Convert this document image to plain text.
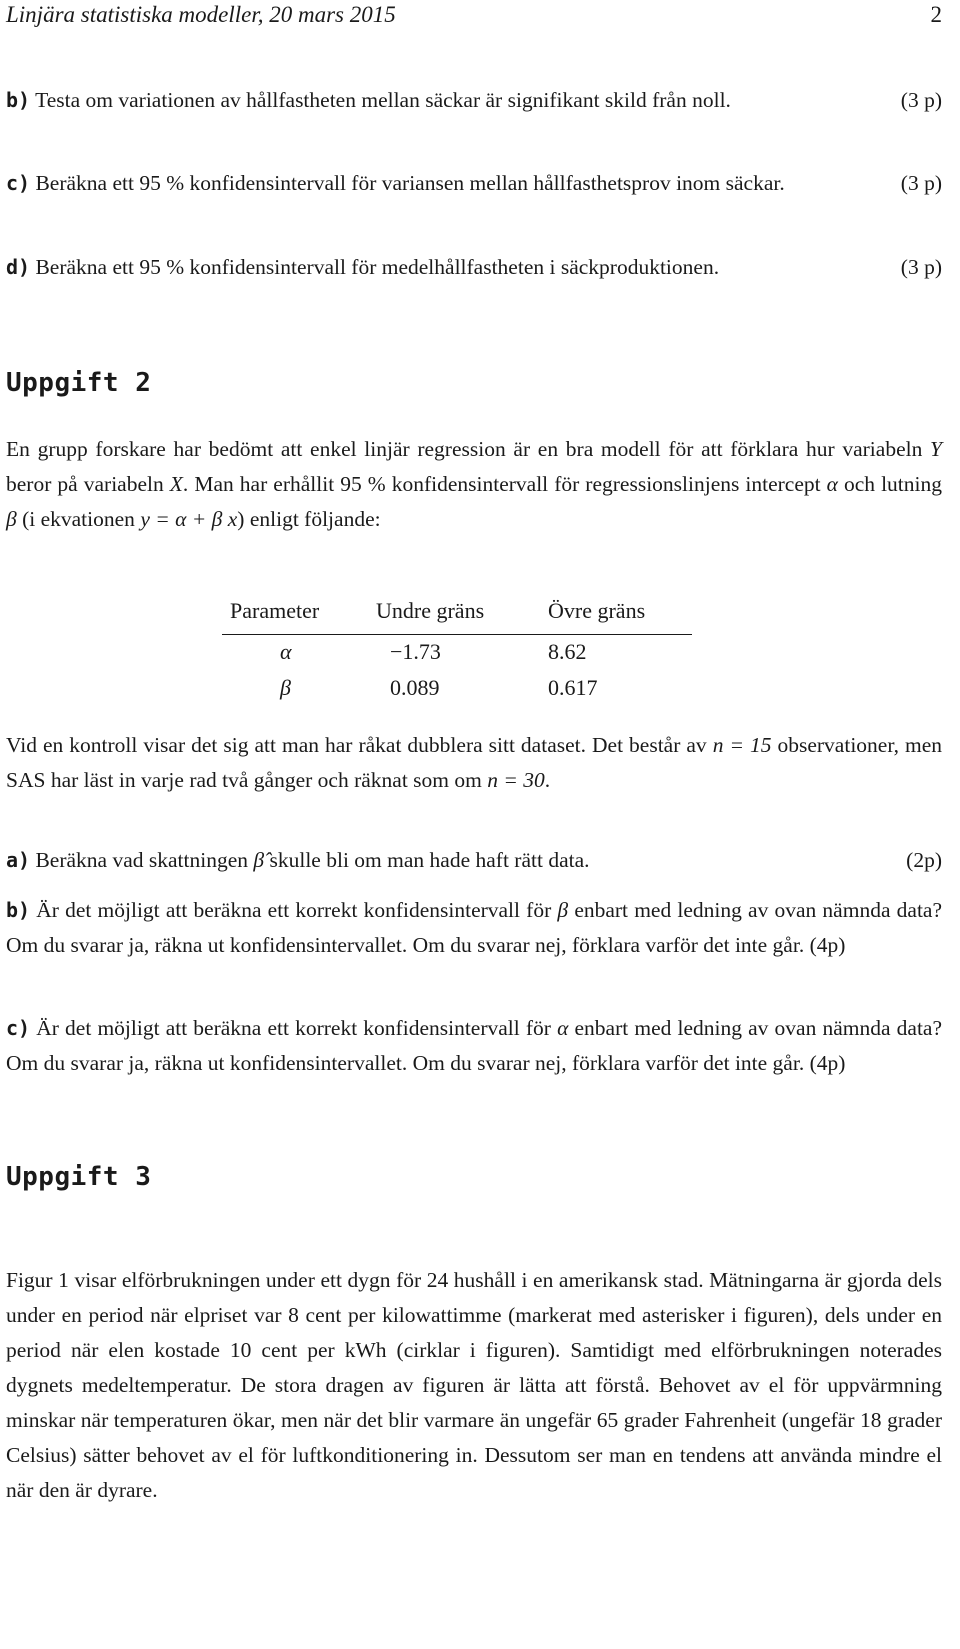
Linjära statistiska modeller, 20 mars 2015	2
b) Testa om variationen av hållfastheten mellan säckar är signifikant skild från noll.	(3 p)
c) Beräkna ett 95 % konfidensintervall för variansen mellan hållfasthetsprov inom säckar.	(3 p)
d) Beräkna ett 95 % konfidensintervall för medelhållfastheten i säckproduktionen.	(3 p)
Uppgift 2
En grupp forskare har bedömt att enkel linjär regression är en bra modell för att förklara hur variabeln Y beror på variabeln X. Man har erhållit 95 % konfidensintervall för regressionslinjens intercept α och lutning β (i ekvationen y = α + β x) enligt följande:
Parameter	Undre gräns	Övre gräns
α	−1.73	8.62
β	0.089	0.617
Vid en kontroll visar det sig att man har råkat dubblera sitt dataset. Det består av n = 15 observationer, men SAS har läst in varje rad två gånger och räknat som om n = 30.
a) Beräkna vad skattningen β̂ skulle bli om man hade haft rätt data.	(2p)
b) Är det möjligt att beräkna ett korrekt konfidensintervall för β enbart med ledning av ovan nämnda data? Om du svarar ja, räkna ut konfidensintervallet. Om du svarar nej, förklara varför det inte går. (4p)
c) Är det möjligt att beräkna ett korrekt konfidensintervall för α enbart med ledning av ovan nämnda data? Om du svarar ja, räkna ut konfidensintervallet. Om du svarar nej, förklara varför det inte går. (4p)
Uppgift 3
Figur 1 visar elförbrukningen under ett dygn för 24 hushåll i en amerikansk stad. Mätningarna är gjorda dels under en period när elpriset var 8 cent per kilowattimme (markerat med asterisker i figuren), dels under en period när elen kostade 10 cent per kWh (cirklar i figuren). Samtidigt med elförbrukningen noterades dygnets medeltemperatur. De stora dragen av figuren är lätta att förstå. Behovet av el för uppvärmning minskar när temperaturen ökar, men när det blir varmare än ungefär 65 grader Fahrenheit (ungefär 18 grader Celsius) sätter behovet av el för luftkonditionering in. Dessutom ser man en tendens att använda mindre el när den är dyrare.
